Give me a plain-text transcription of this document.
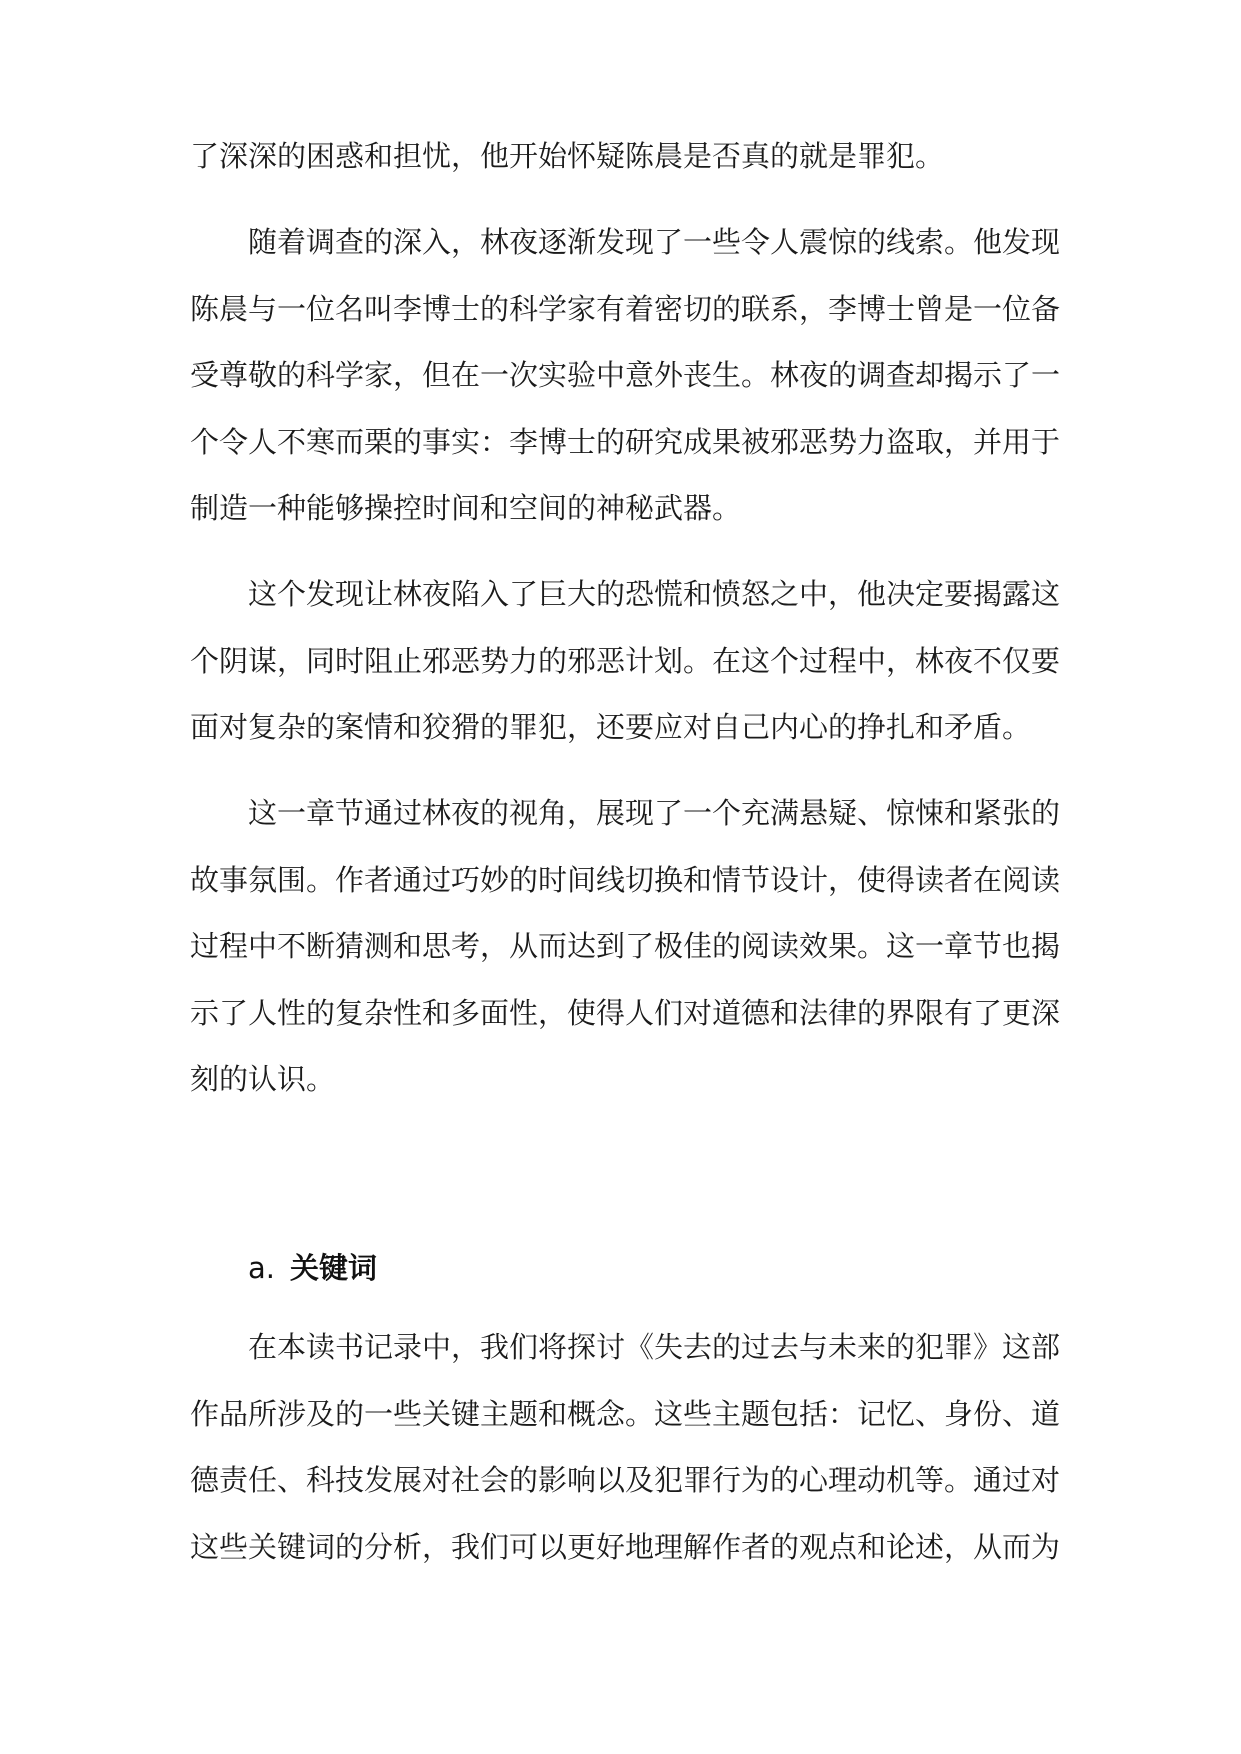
了深深的困惑和担忧，他开始怀疑陈晨是否真的就是罪犯。
随着调查的深入，林夜逐渐发现了一些令人震惊的线索。他发现
陈晨与一位名叫李博士的科学家有着密切的联系，李博士曾是一位备
受尊敬的科学家，但在一次实验中意外丧生。林夜的调查却揭示了一
个令人不寒而栗的事实：李博士的研究成果被邪恶势力盗取，并用于
制造一种能够操控时间和空间的神秘武器。
这个发现让林夜陷入了巨大的恐慌和愤怒之中，他决定要揭露这
个阴谋，同时阻止邪恶势力的邪恶计划。在这个过程中，林夜不仅要
面对复杂的案情和狡猾的罪犯，还要应对自己内心的挣扎和矛盾。
这一章节通过林夜的视角，展现了一个充满悬疑、惊悚和紧张的
故事氛围。作者通过巧妙的时间线切换和情节设计，使得读者在阅读
过程中不断猜测和思考，从而达到了极佳的阅读效果。这一章节也揭
示了人性的复杂性和多面性，使得人们对道德和法律的界限有了更深
刻的认识。
a. 关键词
在本读书记录中，我们将探讨《失去的过去与未来的犯罪》这部
作品所涉及的一些关键主题和概念。这些主题包括：记忆、身份、道
德责任、科技发展对社会的影响以及犯罪行为的心理动机等。通过对
这些关键词的分析，我们可以更好地理解作者的观点和论述，从而为
